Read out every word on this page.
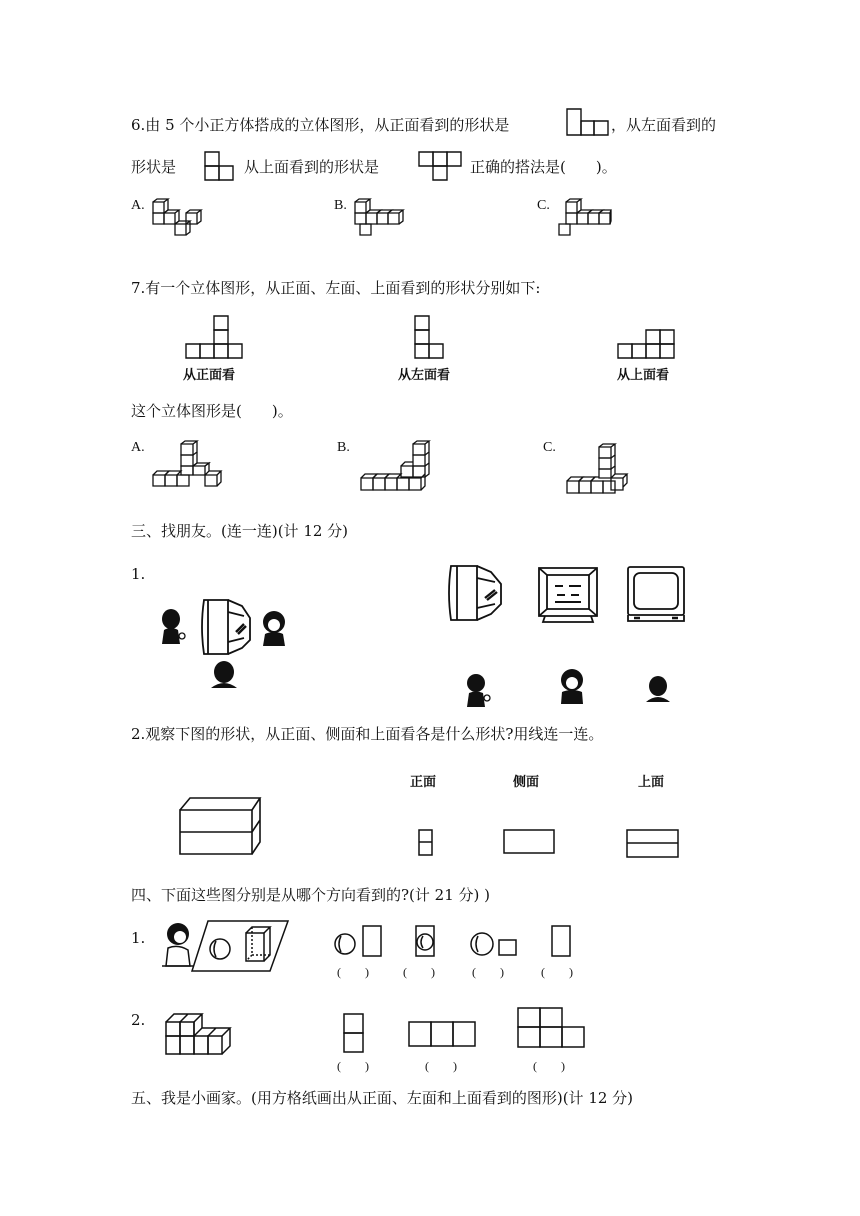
6.由 5 个小正方体搭成的立体图形，从正面看到的形状是	，从左面看到的
形状是	从上面看到的形状是	正确的搭法是(　　)。
A.	B.	C.
7.有一个立体图形，从正面、左面、上面看到的形状分别如下:
从正面看	从左面看	从上面看
这个立体图形是(　　)。
A.	B.	C.
三、找朋友。(连一连)(计 12 分)
1.
2.观察下图的形状，从正面、侧面和上面看各是什么形状?用线连一连。
正面	侧面	上面
四、下面这些图分别是从哪个方向看到的?(计 21 分) )
1.
(　　)	(　　)	(　　)	(　　)
2.
(　　)	(　　)	(　　)
五、我是小画家。(用方格纸画出从正面、左面和上面看到的图形)(计 12 分)
